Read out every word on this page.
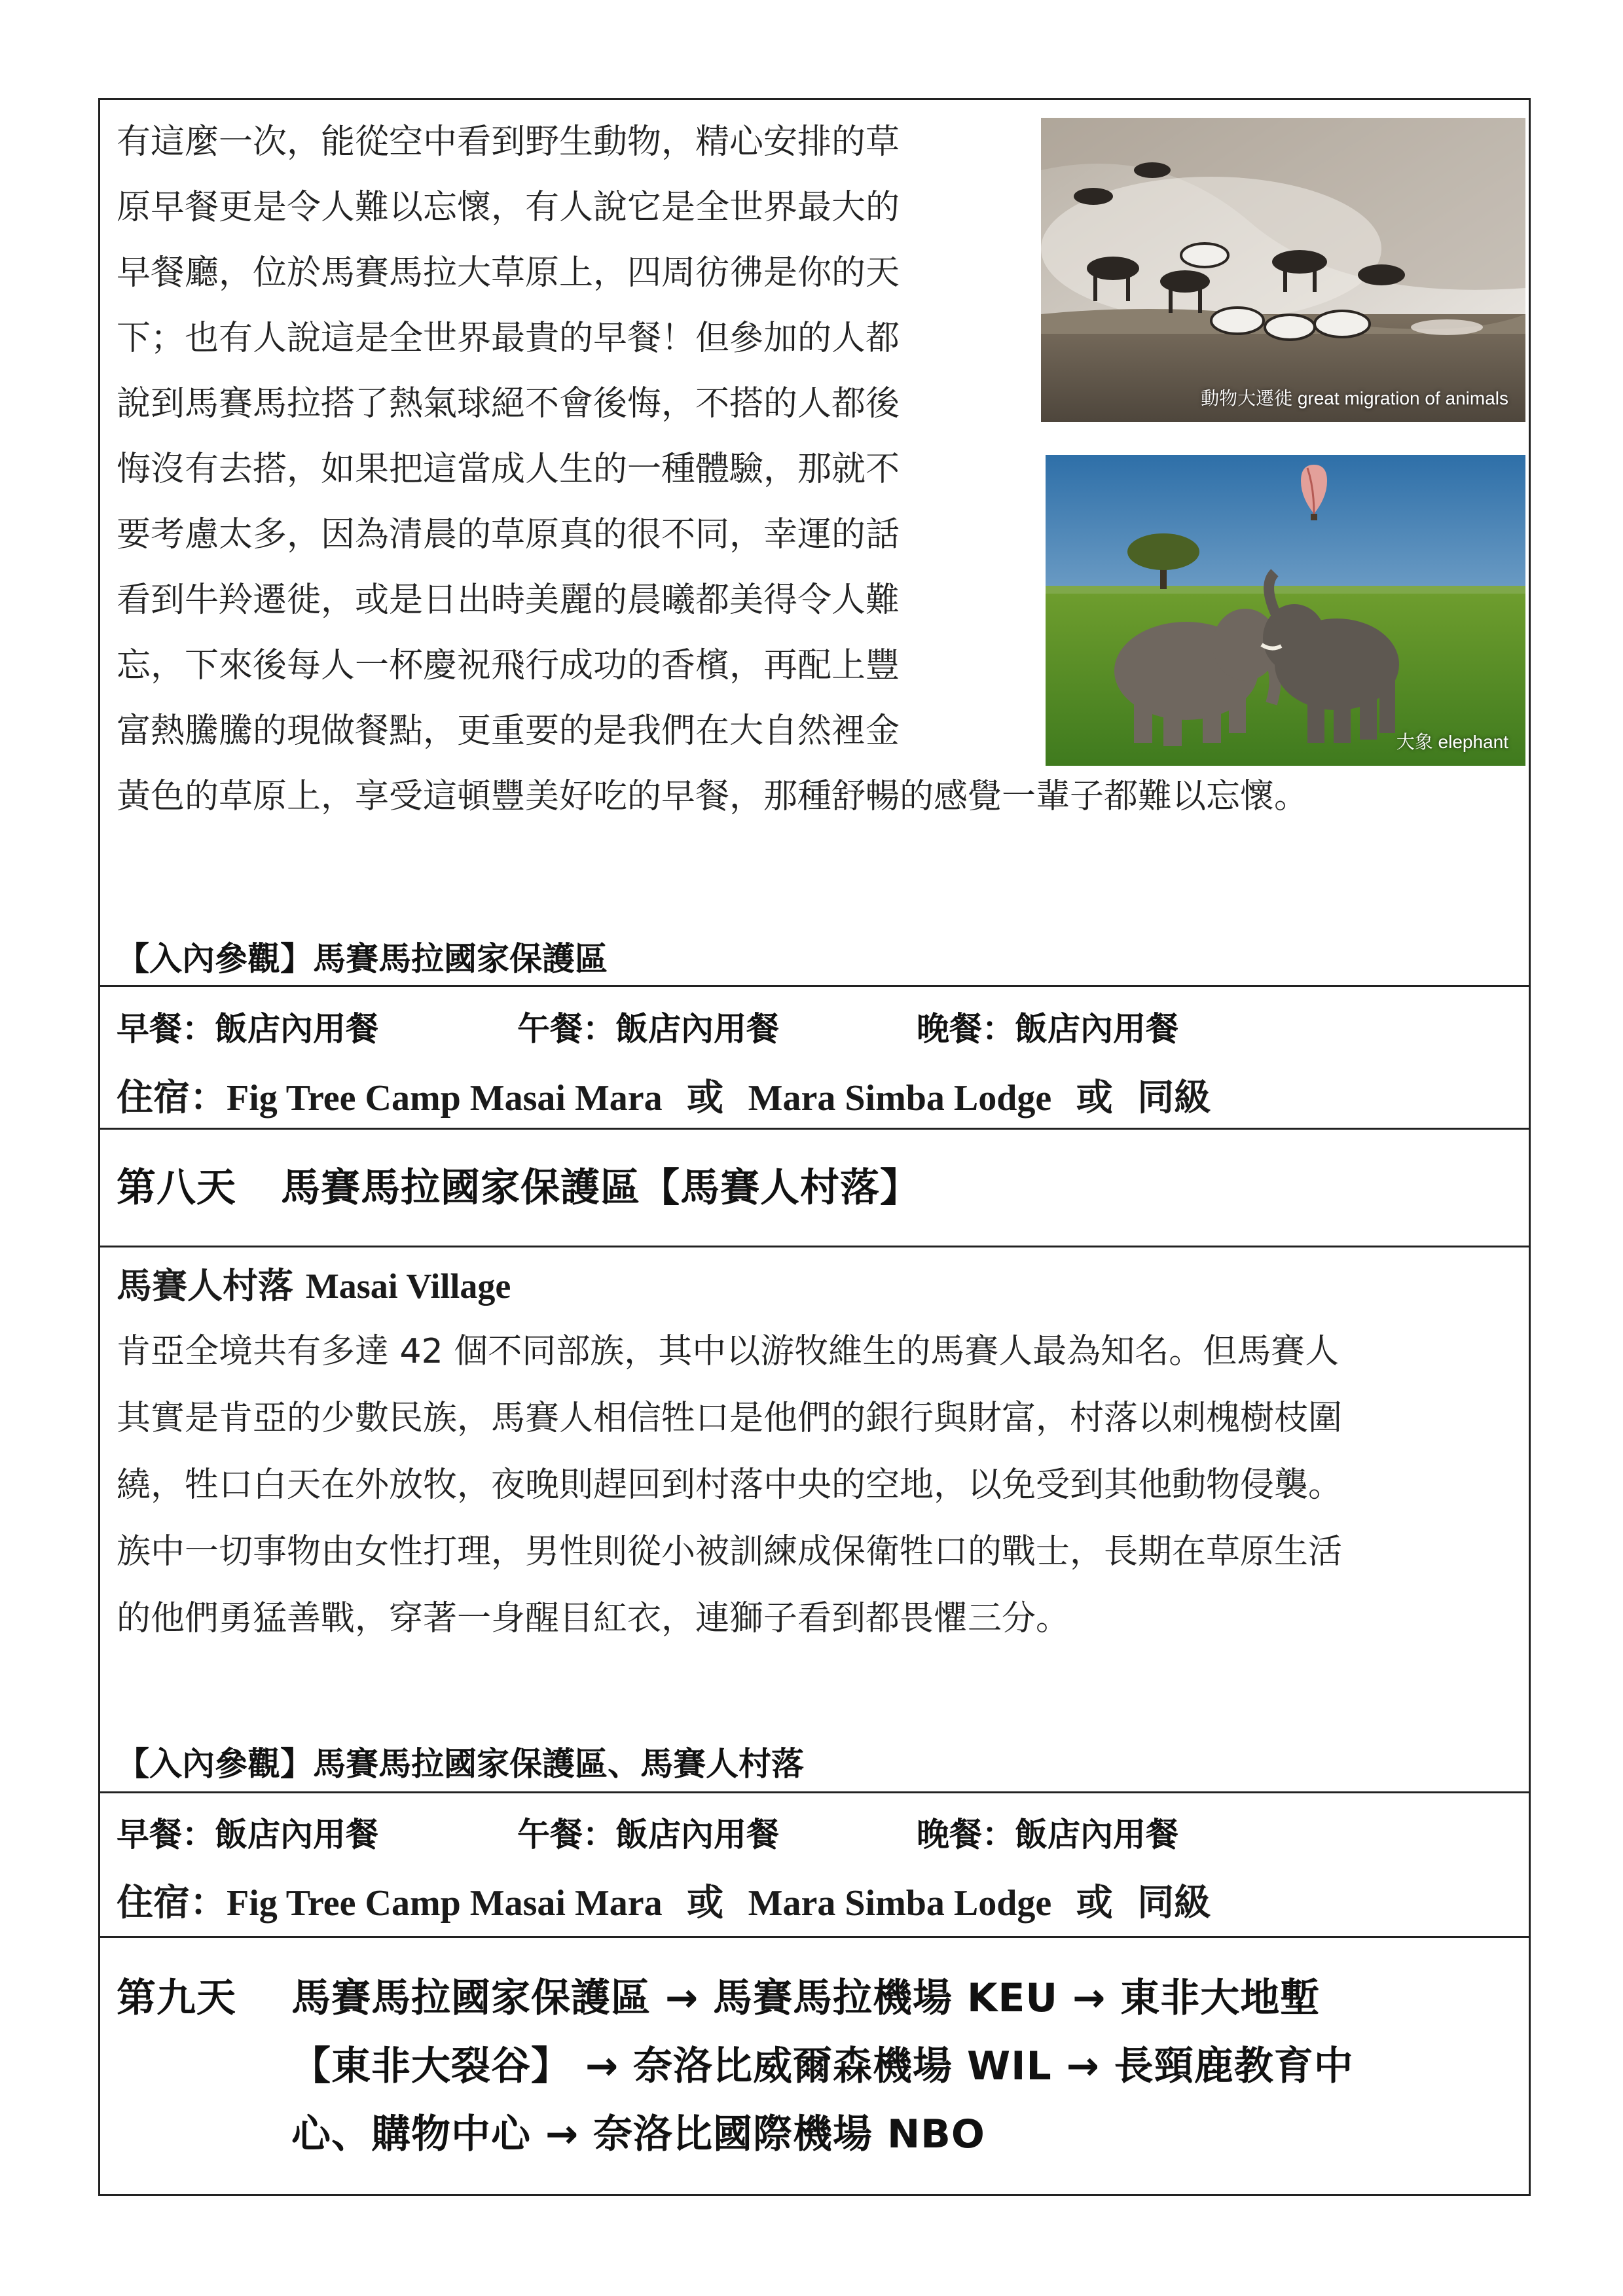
有這麼一次，能從空中看到野生動物，精心安排的草
原早餐更是令人難以忘懷，有人說它是全世界最大的
早餐廳，位於馬賽馬拉大草原上，四周彷彿是你的天
下；也有人說這是全世界最貴的早餐！但參加的人都
說到馬賽馬拉搭了熱氣球絕不會後悔，不搭的人都後
悔沒有去搭，如果把這當成人生的一種體驗，那就不
要考慮太多，因為清晨的草原真的很不同，幸運的話
看到牛羚遷徙，或是日出時美麗的晨曦都美得令人難
忘，下來後每人一杯慶祝飛行成功的香檳，再配上豐
富熱騰騰的現做餐點，更重要的是我們在大自然裡金
黃色的草原上，享受這頓豐美好吃的早餐，那種舒暢的感覺一輩子都難以忘懷。
動物大遷徙 great migration of animals
大象 elephant
【入內參觀】馬賽馬拉國家保護區
早餐：飯店內用餐	午餐：飯店內用餐	晚餐：飯店內用餐
住宿：Fig Tree Camp Masai Mara 或 Mara Simba Lodge 或 同級
第八天 馬賽馬拉國家保護區【馬賽人村落】
馬賽人村落 Masai Village
肯亞全境共有多達 42 個不同部族，其中以游牧維生的馬賽人最為知名。但馬賽人
其實是肯亞的少數民族，馬賽人相信牲口是他們的銀行與財富，村落以刺槐樹枝圍
繞，牲口白天在外放牧，夜晚則趕回到村落中央的空地，以免受到其他動物侵襲。
族中一切事物由女性打理，男性則從小被訓練成保衛牲口的戰士，長期在草原生活
的他們勇猛善戰，穿著一身醒目紅衣，連獅子看到都畏懼三分。
【入內參觀】馬賽馬拉國家保護區、馬賽人村落
早餐：飯店內用餐	午餐：飯店內用餐	晚餐：飯店內用餐
住宿：Fig Tree Camp Masai Mara 或 Mara Simba Lodge 或 同級
第九天 馬賽馬拉國家保護區 → 馬賽馬拉機場 KEU → 東非大地塹
【東非大裂谷】 → 奈洛比威爾森機場 WIL → 長頸鹿教育中
心、購物中心 → 奈洛比國際機場 NBO
